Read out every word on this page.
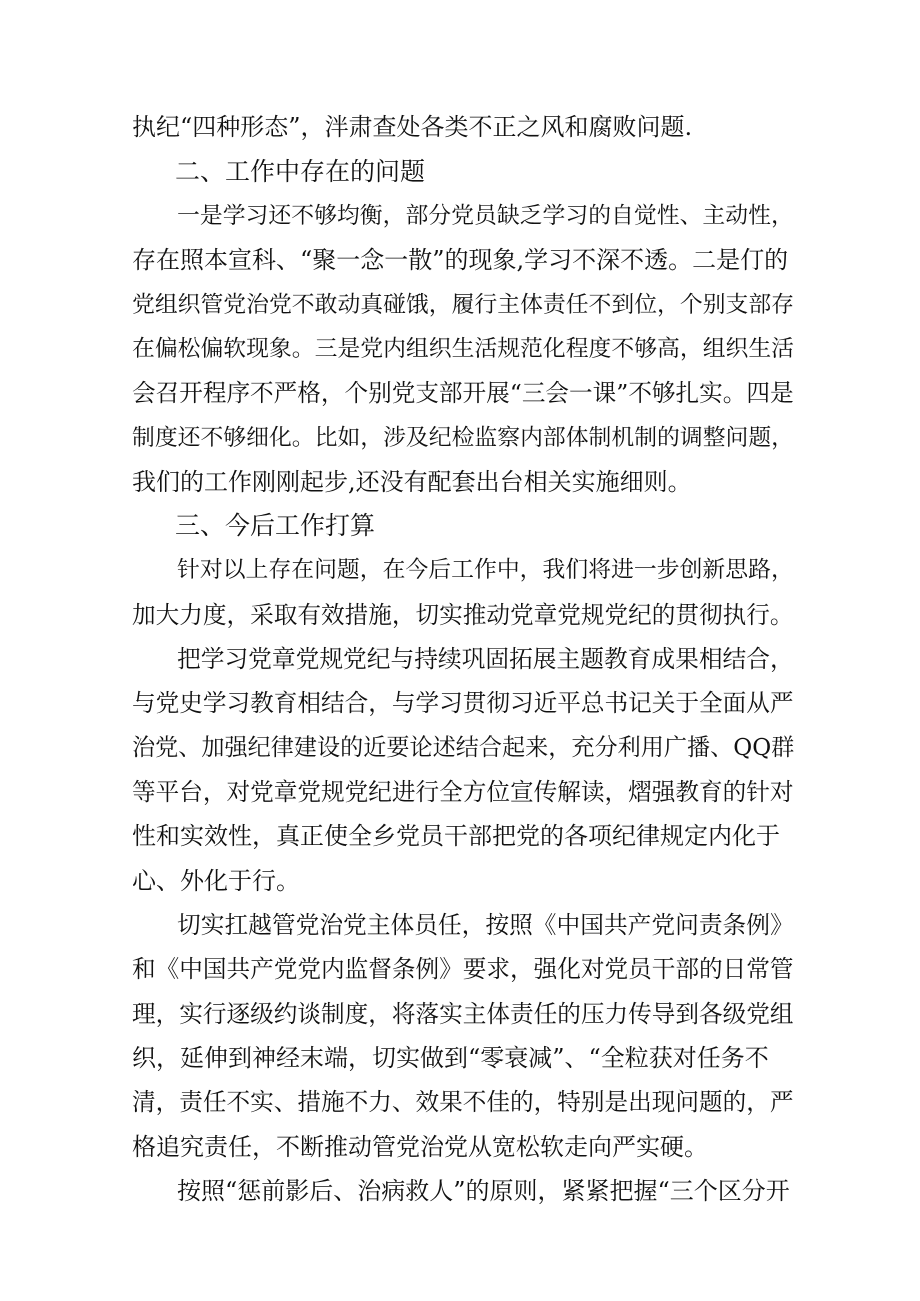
执纪“四种形态”，泮肃查处各类不正之风和腐败问题.
二、工作中存在的问题
一是学习还不够均衡，部分党员缺乏学习的自觉性、主动性，
存在照本宣科、“聚一念一散”的现象,学习不深不透。二是仃的
党组织管党治党不敢动真碰饿，履行主体责任不到位，个别支部存
在偏松偏软现象。三是党内组织生活规范化程度不够高，组织生活
会召开程序不严格，个别党支部开展“三会一课”不够扎实。四是
制度还不够细化。比如，涉及纪检监察内部体制机制的调整问题，
我们的工作刚刚起步,还没有配套出台相关实施细则。
三、今后工作打算
针对以上存在问题，在今后工作中，我们将进一步创新思路，
加大力度，采取有效措施，切实推动党章党规党纪的贯彻执行。
把学习党章党规党纪与持续巩固拓展主题教育成果相结合，
与党史学习教育相结合，与学习贯彻习近平总书记关于全面从严
治党、加强纪律建设的近要论述结合起来，充分利用广播、QQ群
等平台，对党章党规党纪进行全方位宣传解读，熠强教育的针对
性和实效性，真正使全乡党员干部把党的各项纪律规定内化于
心、外化于行。
切实扛越管党治党主体员任，按照《中国共产党问责条例》
和《中国共产党党内监督条例》要求，强化对党员干部的日常管
理，实行逐级约谈制度，将落实主体责任的压力传导到各级党组
织，延伸到神经末端，切实做到“零衰减”、“全粒获对任务不
清，责任不实、措施不力、效果不佳的，特别是出现问题的，严
格追究责任，不断推动管党治党从宽松软走向严实硬。
按照“惩前影后、治病救人”的原则，紧紧把握“三个区分开
